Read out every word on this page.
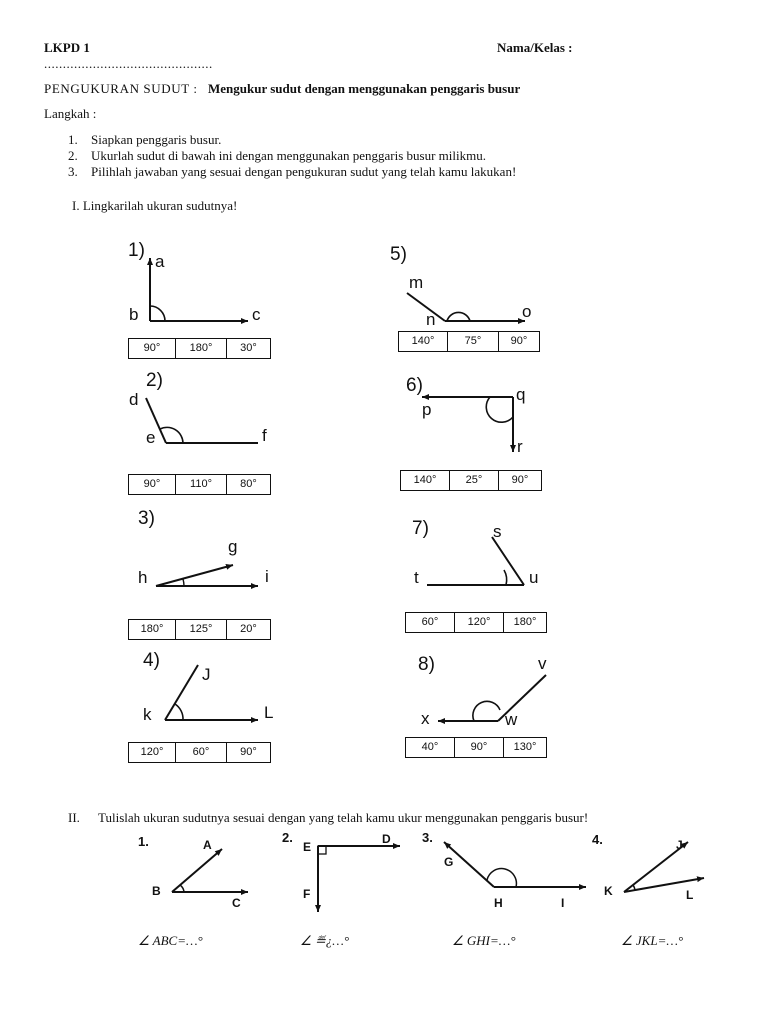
LKPD 1	Nama/Kelas :
.............................................
PENGUKURAN SUDUT : Mengukur sudut dengan menggunakan penggaris busur
Langkah :
1. Siapkan penggaris busur.
2. Ukurlah sudut di bawah ini dengan menggunakan penggaris busur milikmu.
3. Pilihlah jawaban yang sesuai dengan pengukuran sudut yang telah kamu lakukan!
I. Lingkarilah ukuran sudutnya!
1)
a
b	c
90°	180°	30°
2)
d
e	f
90°	110°	80°
3)
g
h	i
180°	125°	20°
4)
J
k	L
120°	60°	90°
5)
m
n	o
140°	75°	90°
6)
p
q
r
140°	25°	90°
7)	s
t	u
60°	120°	180°
8)	v
x	w
40°	90°	130°
II. Tulislah ukuran sudutnya sesuai dengan yang telah kamu ukur menggunakan penggaris busur!
1.	A
B
C
∠ ABC=…°
2.
E
D
F
∠ ≝¿…°
3.
G
H	I
∠ GHI=…°
4.	J
K	L
∠ JKL=…°
